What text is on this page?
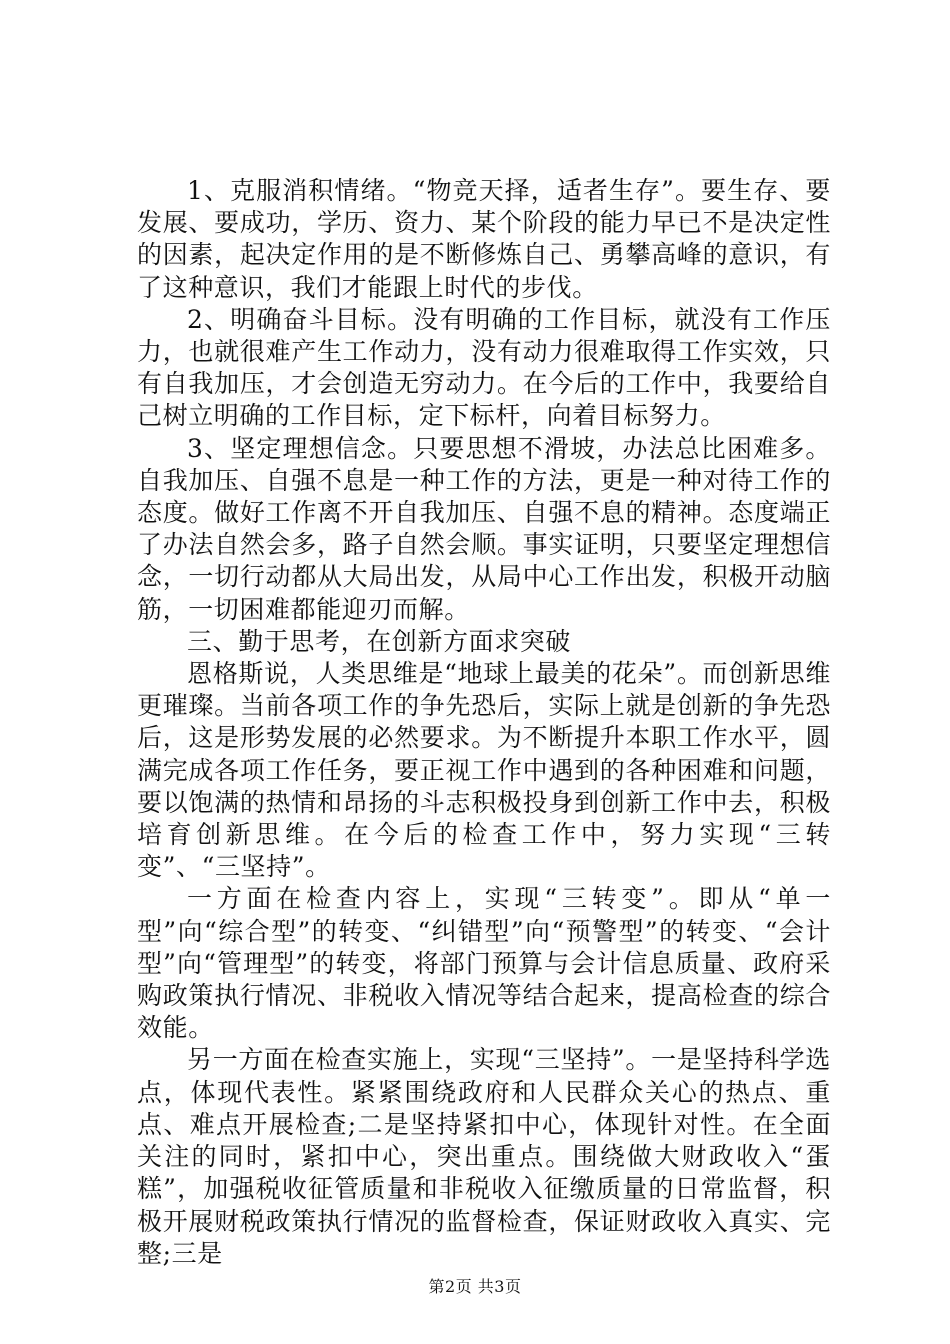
1、克服消积情绪。“物竞天择，适者生存”。要生存、要发展、要成功，学历、资力、某个阶段的能力早已不是决定性的因素，起决定作用的是不断修炼自己、勇攀高峰的意识，有了这种意识，我们才能跟上时代的步伐。

2、明确奋斗目标。没有明确的工作目标，就没有工作压力，也就很难产生工作动力，没有动力很难取得工作实效，只有自我加压，才会创造无穷动力。在今后的工作中，我要给自己树立明确的工作目标，定下标杆，向着目标努力。

3、坚定理想信念。只要思想不滑坡，办法总比困难多。自我加压、自强不息是一种工作的方法，更是一种对待工作的态度。做好工作离不开自我加压、自强不息的精神。态度端正了办法自然会多，路子自然会顺。事实证明，只要坚定理想信念，一切行动都从大局出发，从局中心工作出发，积极开动脑筋，一切困难都能迎刃而解。

三、勤于思考，在创新方面求突破

恩格斯说，人类思维是“地球上最美的花朵”。而创新思维更璀璨。当前各项工作的争先恐后，实际上就是创新的争先恐后，这是形势发展的必然要求。为不断提升本职工作水平，圆满完成各项工作任务，要正视工作中遇到的各种困难和问题，要以饱满的热情和昂扬的斗志积极投身到创新工作中去，积极培育创新思维。在今后的检查工作中，努力实现“三转变”、“三坚持”。

一方面在检查内容上，实现“三转变”。即从“单一型”向“综合型”的转变、“纠错型”向“预警型”的转变、“会计型”向“管理型”的转变，将部门预算与会计信息质量、政府采购政策执行情况、非税收入情况等结合起来，提高检查的综合效能。

另一方面在检查实施上，实现“三坚持”。一是坚持科学选点，体现代表性。紧紧围绕政府和人民群众关心的热点、重点、难点开展检查;二是坚持紧扣中心，体现针对性。在全面关注的同时，紧扣中心，突出重点。围绕做大财政收入“蛋糕”，加强税收征管质量和非税收入征缴质量的日常监督，积极开展财税政策执行情况的监督检查，保证财政收入真实、完整;三是

第2页 共3页
